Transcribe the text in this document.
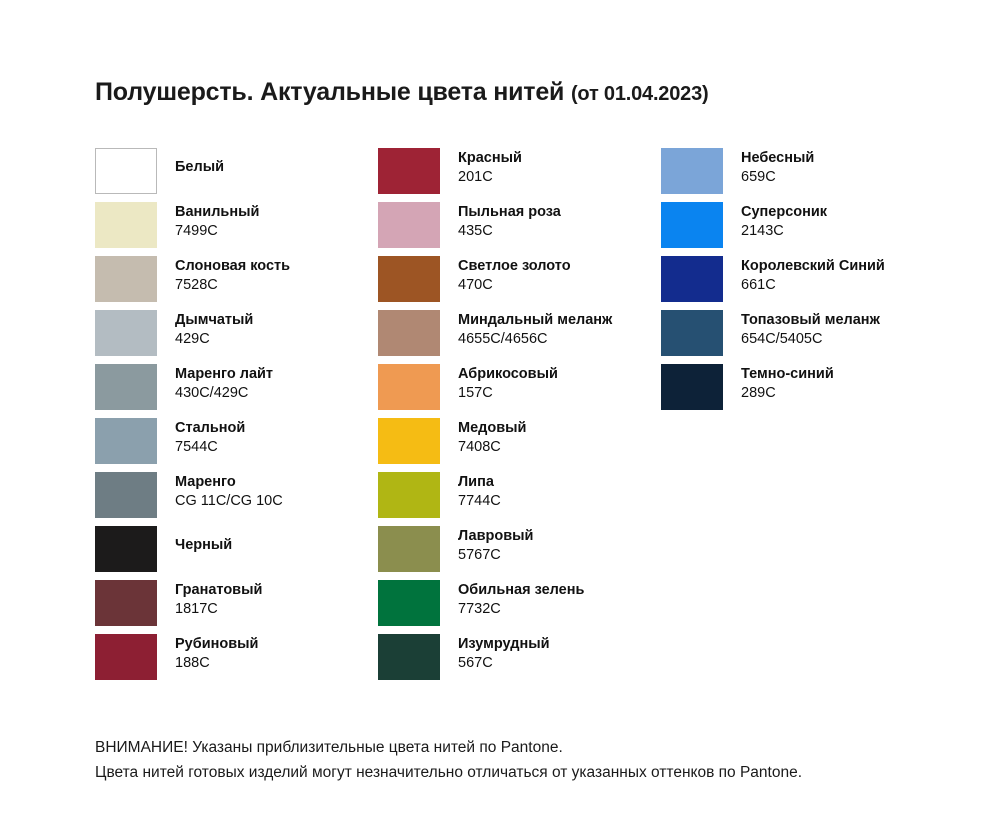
Полушерсть. Актуальные цвета нитей (от 01.04.2023)
Белый
Ванильный
7499C
Слоновая кость
7528C
Дымчатый
429C
Маренго лайт
430C/429C
Стальной
7544C
Маренго
CG 11C/CG 10C
Черный
Гранатовый
1817C
Рубиновый
188C
Красный
201C
Пыльная роза
435C
Светлое золото
470C
Миндальный меланж
4655C/4656C
Абрикосовый
157C
Медовый
7408C
Липа
7744C
Лавровый
5767C
Обильная зелень
7732C
Изумрудный
567C
Небесный
659C
Суперсоник
2143C
Королевский Синий
661C
Топазовый меланж
654C/5405C
Темно-синий
289C
ВНИМАНИЕ! Указаны приблизительные цвета нитей по Pantone.
Цвета нитей готовых изделий могут незначительно отличаться от указанных оттенков по Pantone.
